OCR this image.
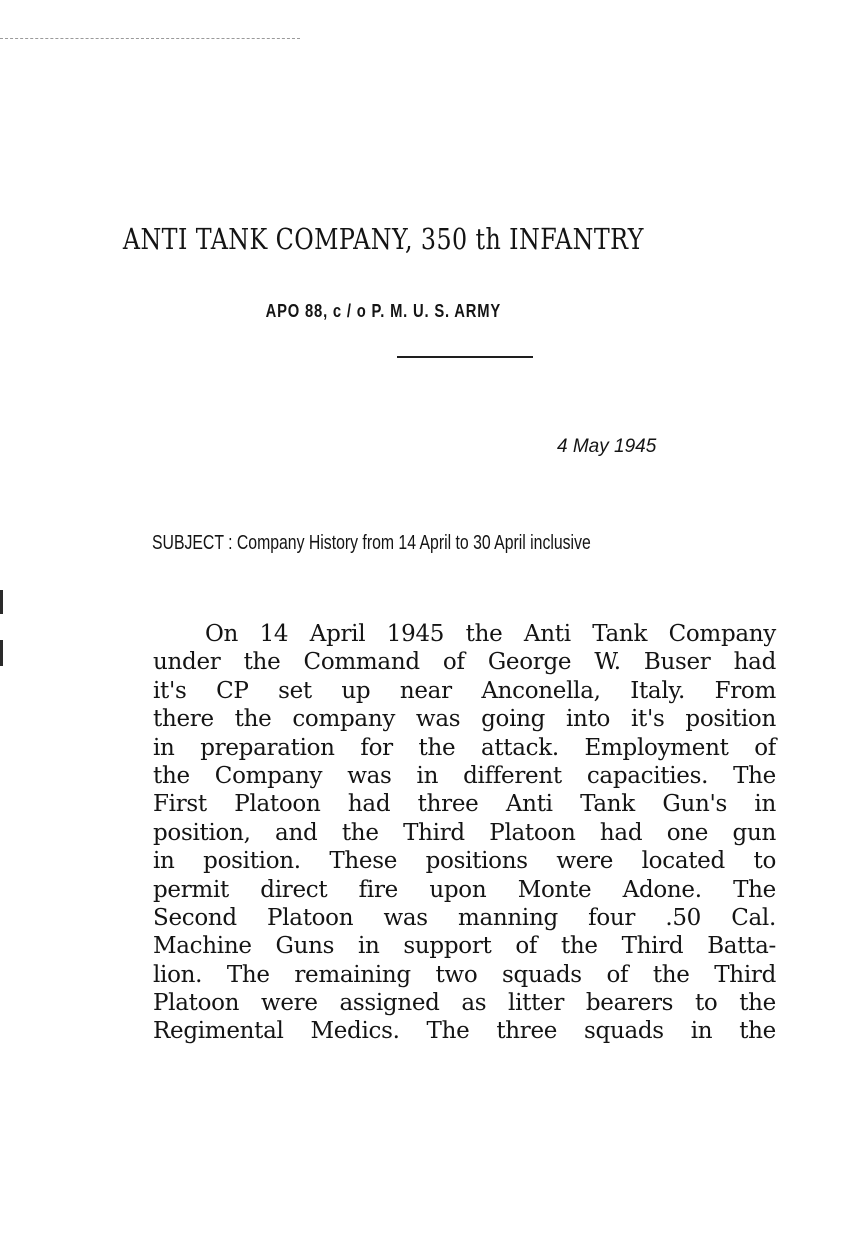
ANTI TANK COMPANY, 350 th INFANTRY
APO 88, c / o P. M. U. S. ARMY
4 May 1945
SUBJECT : Company History from 14 April to 30 April inclusive
On 14 April 1945 the Anti Tank Company
under the Command of George W. Buser had
it's CP set up near Anconella, Italy. From
there the company was going into it's position
in preparation for the attack. Employment of
the Company was in different capacities. The
First Platoon had three Anti Tank Gun's in
position, and the Third Platoon had one gun
in position. These positions were located to
permit direct fire upon Monte Adone. The
Second Platoon was manning four .50 Cal.
Machine Guns in support of the Third Batta-
lion. The remaining two squads of the Third
Platoon were assigned as litter bearers to the
Regimental Medics. The three squads in the
